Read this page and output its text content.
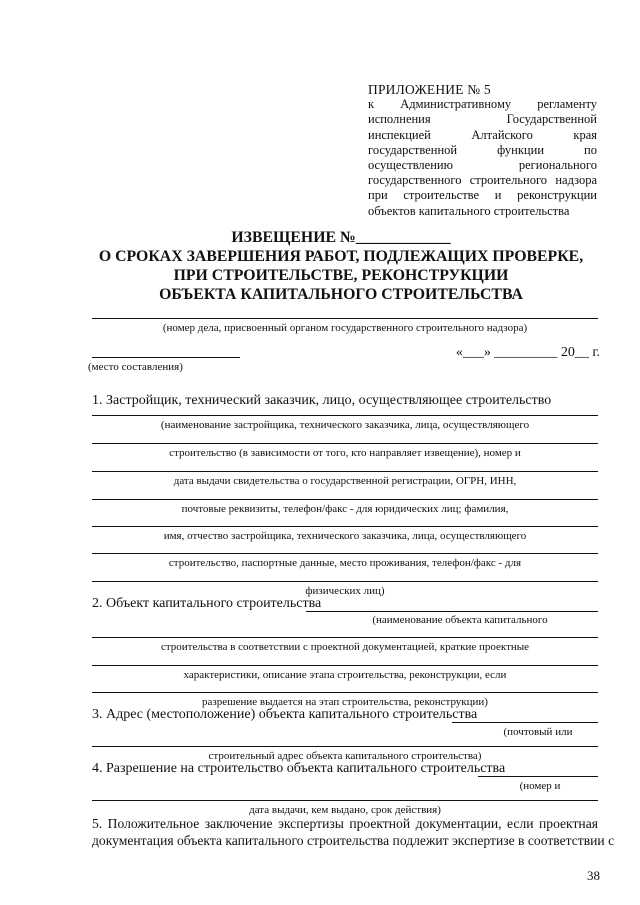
ПРИЛОЖЕНИЕ № 5
к Административному регламенту
исполнения Государственной
инспекцией Алтайского края
государственной функции по
осуществлению регионального
государственного строительного надзора
при строительстве и реконструкции
объектов капитального строительства
ИЗВЕЩЕНИЕ №____________
О СРОКАХ ЗАВЕРШЕНИЯ РАБОТ, ПОДЛЕЖАЩИХ ПРОВЕРКЕ,
ПРИ СТРОИТЕЛЬСТВЕ, РЕКОНСТРУКЦИИ
ОБЪЕКТА КАПИТАЛЬНОГО СТРОИТЕЛЬСТВА
(номер дела, присвоенный органом государственного строительного надзора)
(место составления)
«___» _________ 20__ г.
1. Застройщик, технический заказчик, лицо, осуществляющее строительство
(наименование застройщика, технического заказчика, лица, осуществляющего
строительство (в зависимости от того, кто направляет извещение), номер и
дата выдачи свидетельства о государственной регистрации, ОГРН, ИНН,
почтовые реквизиты, телефон/факс - для юридических лиц; фамилия,
имя, отчество застройщика, технического заказчика, лица, осуществляющего
строительство, паспортные данные, место проживания, телефон/факс - для
физических лиц)
2. Объект капитального строительства
(наименование объекта капитального
строительства в соответствии с проектной документацией, краткие проектные
характеристики, описание этапа строительства, реконструкции, если
разрешение выдается на этап строительства, реконструкции)
3. Адрес (местоположение) объекта капитального строительства
(почтовый или
строительный адрес объекта капитального строительства)
4. Разрешение на строительство объекта капитального строительства
(номер и
дата выдачи, кем выдано, срок действия)
5. Положительное заключение экспертизы проектной документации, если проектная
документация объекта капитального строительства подлежит экспертизе в соответствии с
38
